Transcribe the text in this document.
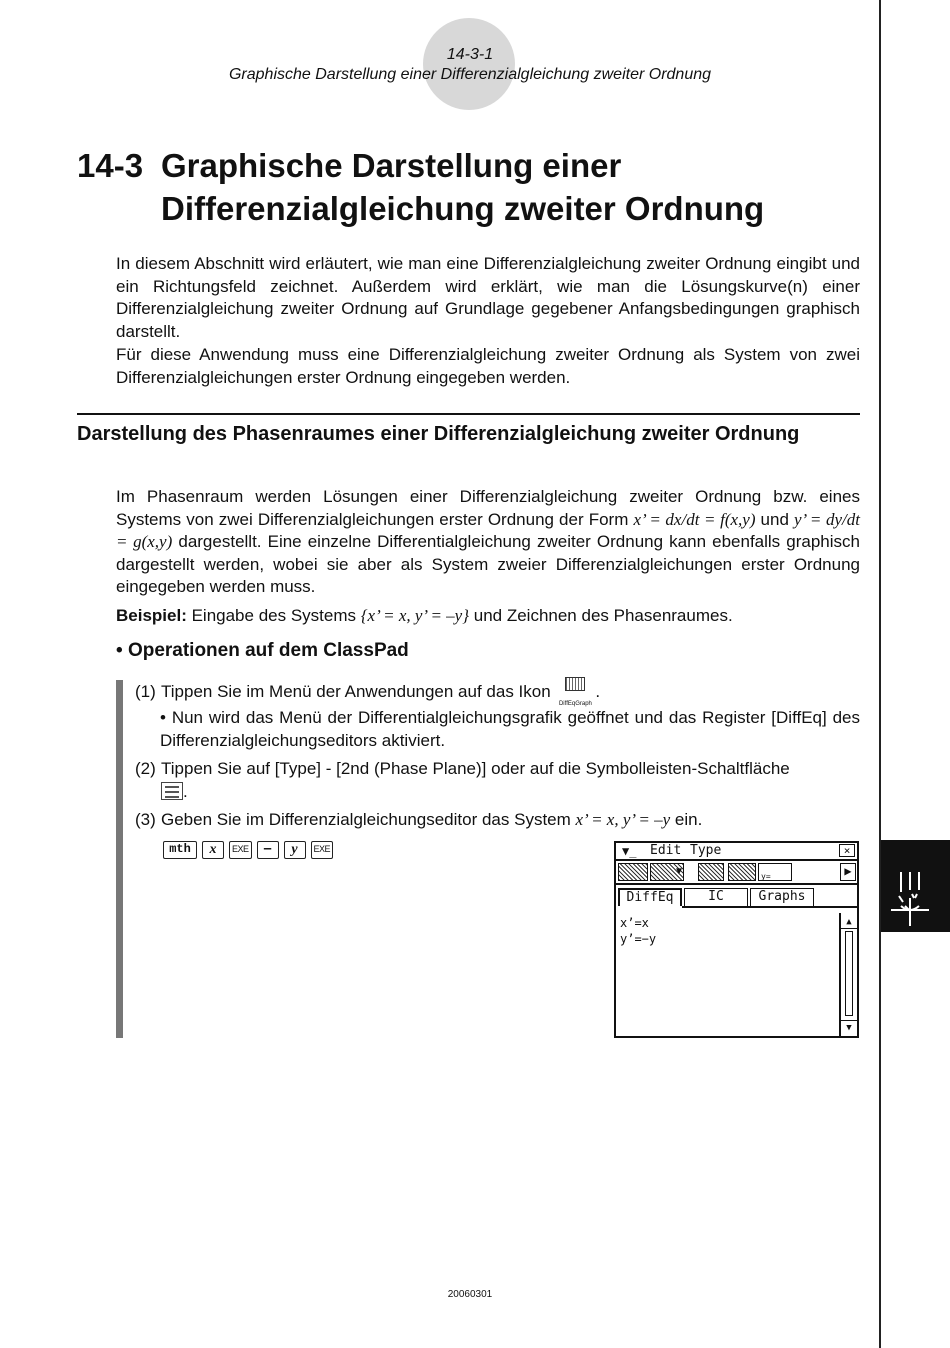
14-3-1
Graphische Darstellung einer Differenzialgleichung zweiter Ordnung
14-3 Graphische Darstellung einer
Differenzialgleichung zweiter Ordnung

In diesem Abschnitt wird erläutert, wie man eine Differenzialgleichung zweiter Ordnung eingibt und ein Richtungsfeld zeichnet. Außerdem wird erklärt, wie man die Lösungskurve(n) einer Differenzialgleichung zweiter Ordnung auf Grundlage gegebener Anfangsbedingungen graphisch darstellt.

Für diese Anwendung muss eine Differenzialgleichung zweiter Ordnung als System von zwei Differenzialgleichungen erster Ordnung eingegeben werden.

Darstellung des Phasenraumes einer Differenzialgleichung zweiter Ordnung

Im Phasenraum werden Lösungen einer Differenzialgleichung zweiter Ordnung bzw. eines Systems von zwei Differenzialgleichungen erster Ordnung der Form x’ = dx/dt = f(x,y) und y’ = dy/dt = g(x,y) dargestellt. Eine einzelne Differentialgleichung zweiter Ordnung kann ebenfalls graphisch dargestellt werden, wobei sie aber als System zweier Differenzialgleichungen erster Ordnung eingegeben werden muss.

Beispiel: Eingabe des Systems {x’ = x, y’ = –y} und Zeichnen des Phasenraumes.

• Operationen auf dem ClassPad
(1) Tippen Sie im Menü der Anwendungen auf das Ikon
DiffEqGraph
.
• Nun wird das Menü der Differentialgleichungsgrafik geöffnet und das Register [DiffEq] des Differenzialgleichungseditors aktiviert.
(2) Tippen Sie auf [Type] - [2nd (Phase Plane)] oder auf die Symbolleisten-Schaltfläche
.
(3) Geben Sie im Differenzialgleichungseditor das System x’ = x, y’ = –y ein.
mth	x	EXE –	y	EXE	▼̲ Edit Type	×
▼	y=	▶
DiffEq	IC	Graphs
x’=x
y’=−y
▲
▼
20060301
